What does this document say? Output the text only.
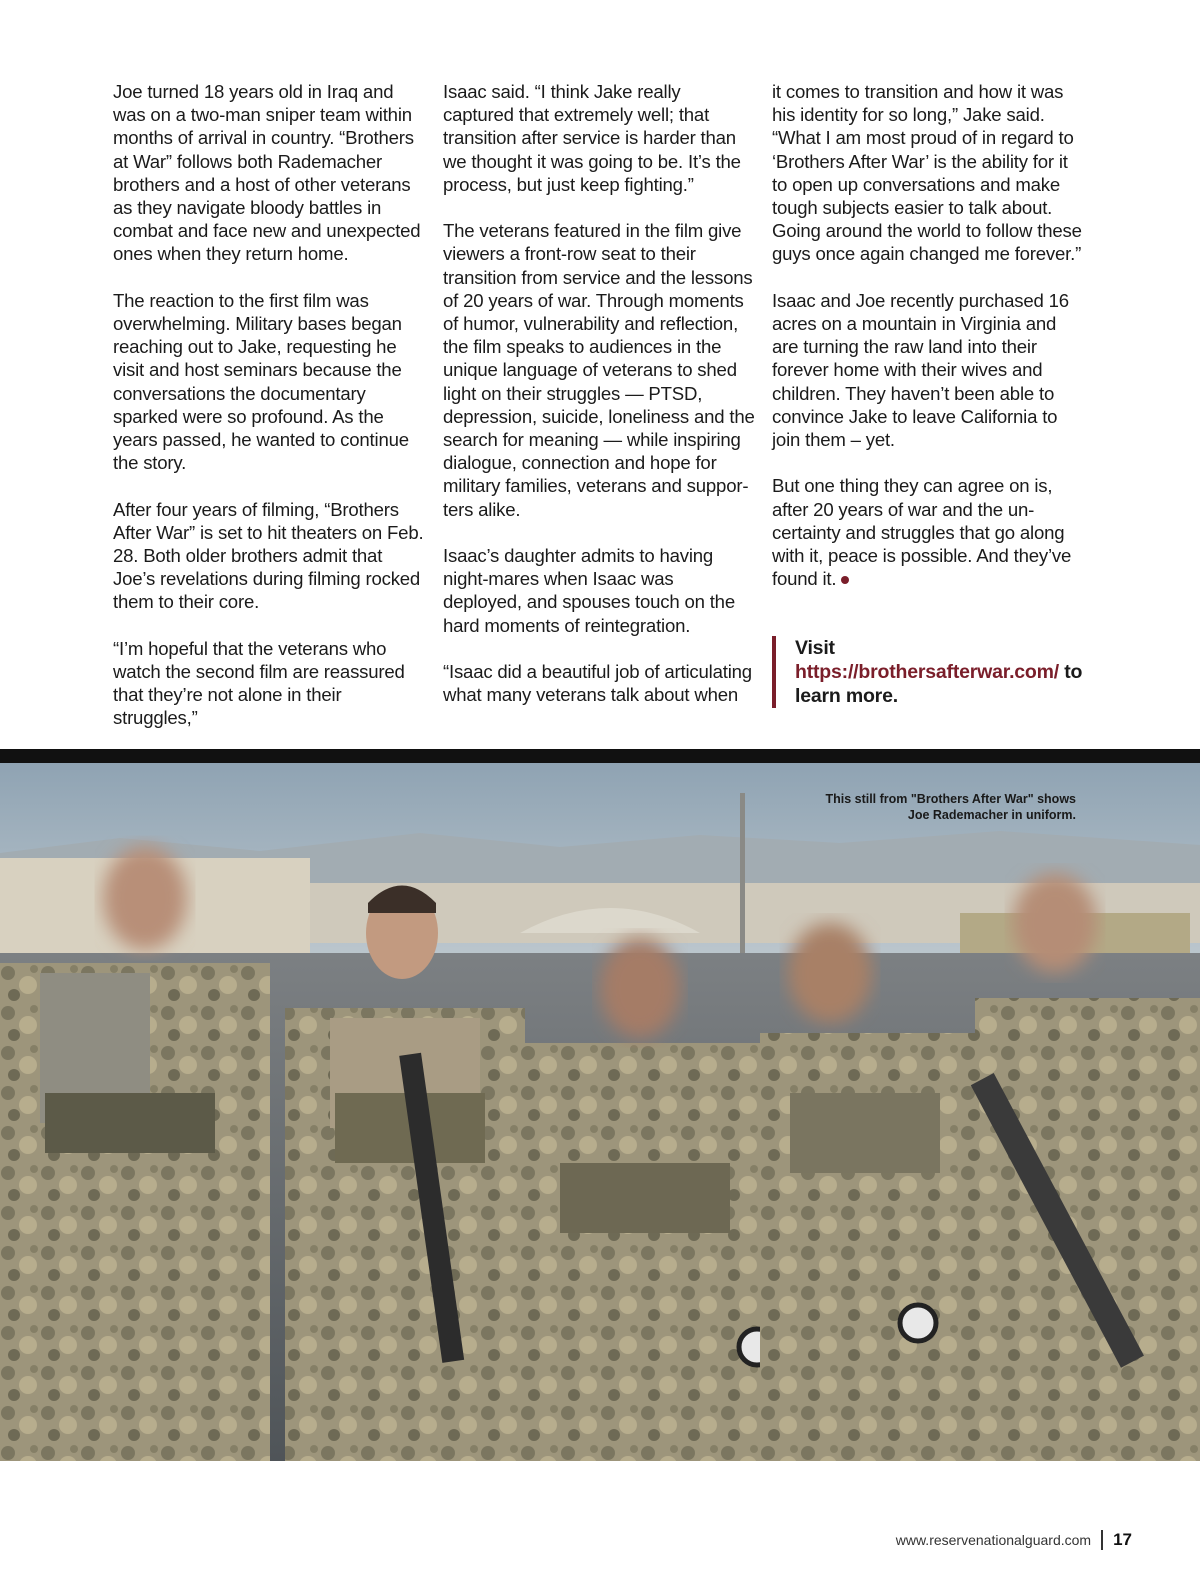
Joe turned 18 years old in Iraq and was on a two-man sniper team within months of arrival in country. “Brothers at War” follows both Rademacher brothers and a host of other veterans as they navigate bloody battles in combat and face new and unexpected ones when they return home.

The reaction to the first film was overwhelming. Military bases began reaching out to Jake, requesting he visit and host seminars because the conversations the documentary sparked were so profound. As the years passed, he wanted to continue the story.

After four years of filming, “Brothers After War” is set to hit theaters on Feb. 28. Both older brothers admit that Joe’s revelations during filming rocked them to their core.

“I’m hopeful that the veterans who watch the second film are reassured that they’re not alone in their struggles,”

Isaac said. “I think Jake really captured that extremely well; that transition after service is harder than we thought it was going to be. It’s the process, but just keep fighting.”

The veterans featured in the film give viewers a front-row seat to their transition from service and the lessons of 20 years of war. Through moments of humor, vulnerability and reflection, the film speaks to audiences in the unique language of veterans to shed light on their struggles — PTSD, depression, suicide, loneliness and the search for meaning — while inspiring dialogue, connection and hope for military families, veterans and suppor-ters alike.

Isaac’s daughter admits to having night-mares when Isaac was deployed, and spouses touch on the hard moments of reintegration.

“Isaac did a beautiful job of articulating what many veterans talk about when

it comes to transition and how it was his identity for so long,” Jake said. “What I am most proud of in regard to ‘Brothers After War’ is the ability for it to open up conversations and make tough subjects easier to talk about. Going around the world to follow these guys once again changed me forever.”

Isaac and Joe recently purchased 16 acres on a mountain in Virginia and are turning the raw land into their forever home with their wives and children. They haven’t been able to convince Jake to leave California to join them – yet.

But one thing they can agree on is, after 20 years of war and the un-certainty and struggles that go along with it, peace is possible. And they’ve found it.

Visit https://brothersafterwar.com/ to learn more.
This still from "Brothers After War" shows Joe Rademacher in uniform.
www.reservenationalguard.com 17
